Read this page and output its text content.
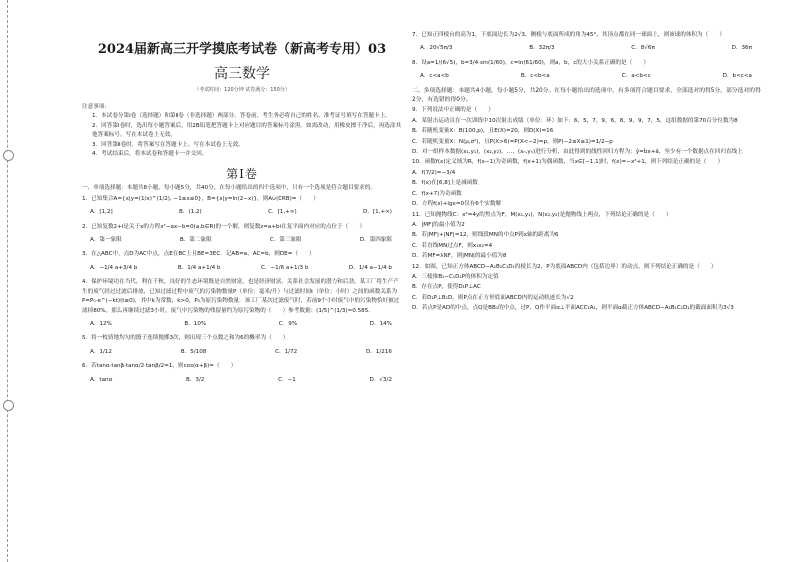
2024届新高三开学摸底考试卷（新高考专用）03
高三数学
（考试时间：120分钟 试卷满分：150分）
注意事项：
1．本试卷分第Ⅰ卷（选择题）和第Ⅱ卷（非选择题）两部分。答卷前，考生务必将自己的姓名、准考证号填写在答题卡上。
2．回答第Ⅰ卷时，选出每小题答案后，用2B铅笔把答题卡上对应题目的答案标号涂黑。如需改动，用橡皮擦干净后，再选涂其他答案标号。写在本试卷上无效。
3．回答第Ⅱ卷时，将答案写在答题卡上。写在本试卷上无效。
4．考试结束后，将本试卷和答题卡一并交回。
第Ⅰ卷
一、单项选择题：本题共8小题，每小题5分，共40分。在每小题给出的四个选项中，只有一个选项是符合题目要求的。
1．已知集合A={x|y=(1/x)^(1/2), −1≤x≤0}，B={x|y=ln(2−x)}，则A∪(∁RB)=（　　）
A．[1,2]	B．(1,2)	C．[1,+∞)	D．[1,+∞)
2．已知复数2+i是关于x的方程x²−ax−b=0(a,b∈R)的一个解，则复数z=a+bi在复平面内对应的点位于（　　）
A．第一象限	B．第二象限	C．第三象限	D．第四象限
3．在△ABC中，点D为AC中点，点E在BC上且BE=3EC．记AB=a，AC=b，则DE=（　　）
A．−1/4 a+3/4 b	B．1/4 a+1/4 b	C．−1/6 a+1/3 b	D．1/4 a−1/4 b
4．保护环境功在当代，利在千秋，良好的生态环境既是自然财富，也是经济财富，关系社会发展的潜力和后劲。某工厂将生产产生的废气经过过滤后排放，已知过滤过程中废气的污染物数量P（单位：毫米/升）与过滤时间t（单位：小时）之间的函数关系为P=P₀·e^(−kt)(t≥0)，其中k为常数，k>0，P₀为原污染物数量．该工厂某次过滤废气时，若前9个小时废气中的污染物恰好被过滤掉80%，那么再继续过滤3小时，废气中污染物的残留量约为原污染物的（　　）参考数据：(1/5)^(1/3)≈0.585．
A．12%	B．10%	C．9%	D．14%
5．将一枚质地均匀的骰子连续抛掷3次，则出现三个点数之和为6的概率为（　　）
A．1/12	B．5/108	C．1/72	D．1/216
6．若tanα·tanβ·tanα/2·tanβ/2=1，则cos(α+β)=（　　）
A．tanα	B．3/2	C．−1	D．√3/2
7．已知正四棱台的高为1，下底面边长为2√3，侧棱与底面所成的角为45°，其顶点都在同一球面上，则该球的体积为（　　）
A．20√5π/3	B．32π/3	C．8√6π	D．36π
8．设a=1/(6√5)，b=3/4·sin(1/60)，c=ln(61/60)，则a，b，c的大小关系正确的是（　　）
A．c<a<b	B．c<b<a	C．a<b<c	D．b<c<a
二、多项选择题：本题共4小题，每小题5分，共20分。在每小题给出的选项中，有多项符合题目要求，全部选对的得5分，部分选对的得2分，有选错的得0分。
9．下列说法中正确的是（　　）
A．某射击运动员在一次训练中10次射击成绩（单位：环）如下：6，5，7，9，6，8，9，9，7，5，这组数据的第70百分位数为8
B．若随机变量X：B(100,p)，且E(X)=20，则D(X)=16
C．若随机变量X：N(μ,σ²)，且P(X>6)=P(X<−2)=p，则P(−2≤X≤1)=1/2−p
D．对一组样本数据(x₁,y₁)，(x₂,y₂)，…，(xₙ,yₙ)进行分析，由此得到的线性回归方程为：ŷ=b̂x+â，至少有一个数据点在回归直线上
10．函数f(x)定义域为R，f(x−1)为奇函数，f(x+1)为偶函数，当x∈[−1,1]时，f(x)=−x²+1，则下列结论正确的是（　　）
A．f(7/2)=−3/4
B．f(x)在[6,8]上是减函数
C．f(x+7)为奇函数
D．方程f(x)+lgx=0仅有6个实数解
11．已知抛物线C：x²=4y的焦点为F，M(x₁,y₁)，N(x₂,y₂)是抛物线上两点，下列结论正确的是（　　）
A．|MF|的最小值为2
B．若|MF|+|NF|=12，则线段MN的中点P到x轴的距离为6
C．若直线MN过点F，则x₁x₂=4
D．若MF=λNF，则|MN|的最小值为8
12．如图，已知正方体ABCD−A₁B₁C₁D₁的棱长为2，P为底面ABCD内（包括边界）的动点，则下列结论正确的是（　　）
A．三棱锥B₁−C₁D₁P的体积为定值
B．存在点P，使得D₁P⊥AC
C．若D₁P⊥B₁D，则P点在正方形底面ABCD内的运动轨迹长为√2
D．若点P是AD的中点，点Q是BB₁的中点，过P，Q作平面α⊥平面ACC₁A₁，则平面α截正方体ABCD−A₁B₁C₁D₁的截面面积为3√3
